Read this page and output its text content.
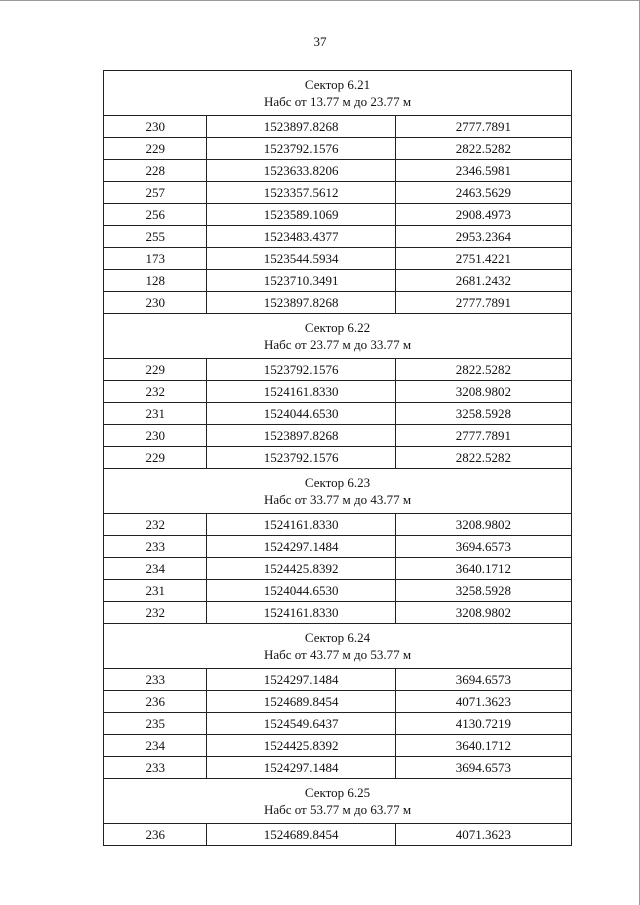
37
Сектор 6.21
Набс от 13.77 м до 23.77 м		

230	1523897.8268	2777.7891
229	1523792.1576	2822.5282
228	1523633.8206	2346.5981
257	1523357.5612	2463.5629
256	1523589.1069	2908.4973
255	1523483.4377	2953.2364
173	1523544.5934	2751.4221
128	1523710.3491	2681.2432
230	1523897.8268	2777.7891

Сектор 6.22
Набс от 23.77 м до 33.77 м		

229	1523792.1576	2822.5282
232	1524161.8330	3208.9802
231	1524044.6530	3258.5928
230	1523897.8268	2777.7891
229	1523792.1576	2822.5282

Сектор 6.23
Набс от 33.77 м до 43.77 м		

232	1524161.8330	3208.9802
233	1524297.1484	3694.6573
234	1524425.8392	3640.1712
231	1524044.6530	3258.5928
232	1524161.8330	3208.9802

Сектор 6.24
Набс от 43.77 м до 53.77 м		

233	1524297.1484	3694.6573
236	1524689.8454	4071.3623
235	1524549.6437	4130.7219
234	1524425.8392	3640.1712
233	1524297.1484	3694.6573

Сектор 6.25
Набс от 53.77 м до 63.77 м		

236	1524689.8454	4071.3623
